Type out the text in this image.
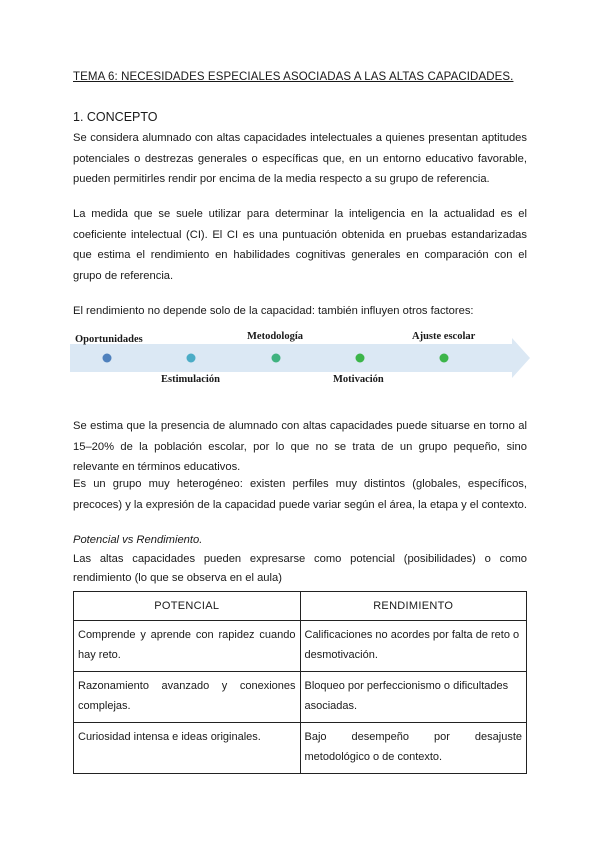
TEMA 6: NECESIDADES ESPECIALES ASOCIADAS A LAS ALTAS CAPACIDADES.
1. CONCEPTO

Se considera alumnado con altas capacidades intelectuales a quienes presentan aptitudes potenciales o destrezas generales o específicas que, en un entorno educativo favorable, pueden permitirles rendir por encima de la media respecto a su grupo de referencia.

La medida que se suele utilizar para determinar la inteligencia en la actualidad es el coeficiente intelectual (CI). El CI es una puntuación obtenida en pruebas estandarizadas que estima el rendimiento en habilidades cognitivas generales en comparación con el grupo de referencia.

El rendimiento no depende solo de la capacidad: también influyen otros factores:

Oportunidades	Metodología	Ajuste escolar
Estimulación	Motivación

Se estima que la presencia de alumnado con altas capacidades puede situarse en torno al 15–20% de la población escolar, por lo que no se trata de un grupo pequeño, sino relevante en términos educativos.

Es un grupo muy heterogéneo: existen perfiles muy distintos (globales, específicos, precoces) y la expresión de la capacidad puede variar según el área, la etapa y el contexto.

Potencial vs Rendimiento.

Las altas capacidades pueden expresarse como potencial (posibilidades) o como rendimiento (lo que se observa en el aula)

POTENCIAL	RENDIMIENTO
Comprende y aprende con rapidez cuando hay reto.	Calificaciones no acordes por falta de reto o desmotivación.
Razonamiento avanzado y conexiones complejas.	Bloqueo por perfeccionismo o dificultades asociadas.
Curiosidad intensa e ideas originales.	Bajo desempeño por desajuste metodológico o de contexto.
